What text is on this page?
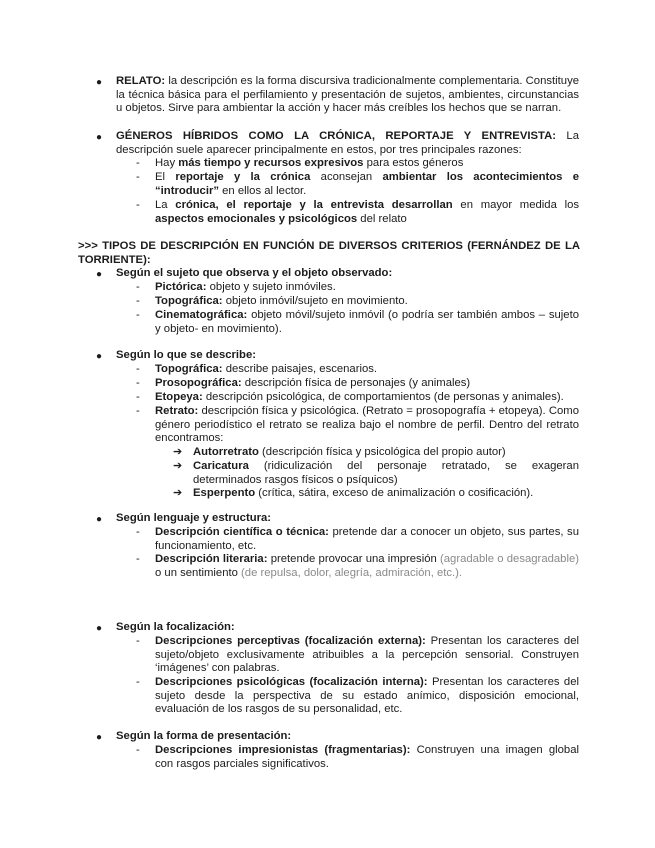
● RELATO: la descripción es la forma discursiva tradicionalmente complementaria. Constituye la técnica básica para el perfilamiento y presentación de sujetos, ambientes, circunstancias u objetos. Sirve para ambientar la acción y hacer más creíbles los hechos que se narran.
● GÉNEROS HÍBRIDOS COMO LA CRÓNICA, REPORTAJE Y ENTREVISTA: La descripción suele aparecer principalmente en estos, por tres principales razones:
- Hay más tiempo y recursos expresivos para estos géneros
- El reportaje y la crónica aconsejan ambientar los acontecimientos e “introducir” en ellos al lector.
- La crónica, el reportaje y la entrevista desarrollan en mayor medida los aspectos emocionales y psicológicos del relato
>>> TIPOS DE DESCRIPCIÓN EN FUNCIÓN DE DIVERSOS CRITERIOS (FERNÁNDEZ DE LA TORRIENTE):
● Según el sujeto que observa y el objeto observado:
- Pictórica: objeto y sujeto inmóviles.
- Topográfica: objeto inmóvil/sujeto en movimiento.
- Cinematográfica: objeto móvil/sujeto inmóvil (o podría ser también ambos – sujeto y objeto- en movimiento).
● Según lo que se describe:
- Topográfica: describe paisajes, escenarios.
- Prosopográfica: descripción física de personajes (y animales)
- Etopeya: descripción psicológica, de comportamientos (de personas y animales).
- Retrato: descripción física y psicológica. (Retrato = prosopografía + etopeya). Como género periodístico el retrato se realiza bajo el nombre de perfil. Dentro del retrato encontramos:
➔ Autorretrato (descripción física y psicológica del propio autor)
➔ Caricatura (ridiculización del personaje retratado, se exageran determinados rasgos físicos o psíquicos)
➔ Esperpento (crítica, sátira, exceso de animalización o cosificación).
● Según lenguaje y estructura:
- Descripción científica o técnica: pretende dar a conocer un objeto, sus partes, su funcionamiento, etc.
- Descripción literaria: pretende provocar una impresión (agradable o desagradable) o un sentimiento (de repulsa, dolor, alegría, admiración, etc.).
● Según la focalización:
- Descripciones perceptivas (focalización externa): Presentan los caracteres del sujeto/objeto exclusivamente atribuibles a la percepción sensorial. Construyen ‘imágenes’ con palabras.
- Descripciones psicológicas (focalización interna): Presentan los caracteres del sujeto desde la perspectiva de su estado anímico, disposición emocional, evaluación de los rasgos de su personalidad, etc.
● Según la forma de presentación:
- Descripciones impresionistas (fragmentarias): Construyen una imagen global con rasgos parciales significativos.
